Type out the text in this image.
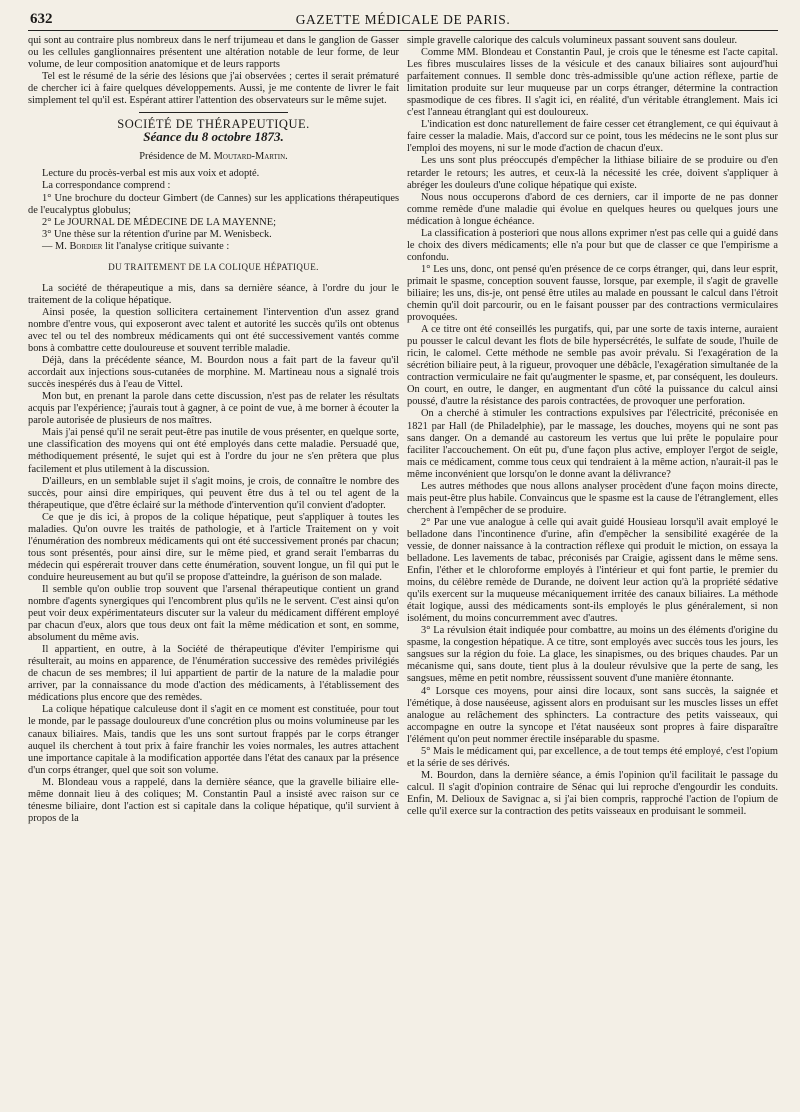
632	GAZETTE MÉDICALE DE PARIS.

qui sont au contraire plus nombreux dans le nerf trijumeau et dans le ganglion de Gasser ou les cellules ganglionnaires présentent une altération notable de leur forme, de leur volume, de leur composition anatomique et de leurs rapports

Tel est le résumé de la série des lésions que j'ai observées ; certes il serait prématuré de chercher ici à faire quelques développements. Aussi, je me contente de livrer le fait simplement tel qu'il est. Espérant attirer l'attention des observateurs sur le même sujet.

SOCIÉTÉ DE THÉRAPEUTIQUE.
Séance du 8 octobre 1873.
Présidence de M. Moutard-Martin.

Lecture du procès-verbal est mis aux voix et adopté.

La correspondance comprend :

1° Une brochure du docteur Gimbert (de Cannes) sur les applications thérapeutiques de l'eucalyptus globulus;

2° Le JOURNAL DE MÉDECINE DE LA MAYENNE;

3° Une thèse sur la rétention d'urine par M. Wenisbeck.

— M. Bordier lit l'analyse critique suivante :

DU TRAITEMENT DE LA COLIQUE HÉPATIQUE.

La société de thérapeutique a mis, dans sa dernière séance, à l'ordre du jour le traitement de la colique hépatique.

Ainsi posée, la question sollicitera certainement l'intervention d'un assez grand nombre d'entre vous, qui exposeront avec talent et autorité les succès qu'ils ont obtenus avec tel ou tel des nombreux médicaments qui ont été successivement vantés comme bons à combattre cette douloureuse et souvent terrible maladie.

Déjà, dans la précédente séance, M. Bourdon nous a fait part de la faveur qu'il accordait aux injections sous-cutanées de morphine. M. Martineau nous a signalé trois succès inespérés dus à l'eau de Vittel.

Mon but, en prenant la parole dans cette discussion, n'est pas de relater les résultats acquis par l'expérience; j'aurais tout à gagner, à ce point de vue, à me borner à écouter la parole autorisée de plusieurs de nos maîtres.

Mais j'ai pensé qu'il ne serait peut-être pas inutile de vous présenter, en quelque sorte, une classification des moyens qui ont été employés dans cette maladie. Persuadé que, méthodiquement présenté, le sujet qui est à l'ordre du jour ne s'en prêtera que plus facilement et plus utilement à la discussion.

D'ailleurs, en un semblable sujet il s'agit moins, je crois, de connaître le nombre des succès, pour ainsi dire empiriques, qui peuvent être dus à tel ou tel agent de la thérapeutique, que d'être éclairé sur la méthode d'intervention qu'il convient d'adopter.

Ce que je dis ici, à propos de la colique hépatique, peut s'appliquer à toutes les maladies. Qu'on ouvre les traités de pathologie, et à l'article Traitement on y voit l'énumération des nombreux médicaments qui ont été successivement pronés par chacun; tous sont présentés, pour ainsi dire, sur le même pied, et grand serait l'embarras du médecin qui espérerait trouver dans cette énumération, souvent longue, un fil qui put le conduire heureusement au but qu'il se propose d'atteindre, la guérison de son malade.

Il semble qu'on oublie trop souvent que l'arsenal thérapeutique contient un grand nombre d'agents synergiques qui l'encombrent plus qu'ils ne le servent. C'est ainsi qu'on peut voir deux expérimentateurs discuter sur la valeur du médicament différent employé par chacun d'eux, alors que tous deux ont fait la même médication et sont, en somme, absolument du même avis.

Il appartient, en outre, à la Société de thérapeutique d'éviter l'empirisme qui résulterait, au moins en apparence, de l'énumération successive des remèdes privilégiés de chacun de ses membres; il lui appartient de partir de la nature de la maladie pour arriver, par la connaissance du mode d'action des médicaments, à l'établissement des médications plus encore que des remèdes.

La colique hépatique calculeuse dont il s'agit en ce moment est constituée, pour tout le monde, par le passage douloureux d'une concrétion plus ou moins volumineuse par les canaux biliaires. Mais, tandis que les uns sont surtout frappés par le corps étranger auquel ils cherchent à tout prix à faire franchir les voies normales, les autres attachent une importance capitale à la modification apportée dans l'état des canaux par la présence d'un corps étranger, quel que soit son volume.

M. Blondeau vous a rappelé, dans la dernière séance, que la gravelle biliaire elle-même donnait lieu à des coliques; M. Constantin Paul a insisté avec raison sur ce ténesme biliaire, dont l'action est si capitale dans la colique hépatique, qu'il survient à propos de la

simple gravelle calorique des calculs volumineux passant souvent sans douleur.

Comme MM. Blondeau et Constantin Paul, je crois que le ténesme est l'acte capital. Les fibres musculaires lisses de la vésicule et des canaux biliaires sont aujourd'hui parfaitement connues. Il semble donc très-admissible qu'une action réflexe, partie de limitation produite sur leur muqueuse par un corps étranger, détermine la contraction spasmodique de ces fibres. Il s'agit ici, en réalité, d'un véritable étranglement. Mais ici c'est l'anneau étranglant qui est douloureux.

L'indication est donc naturellement de faire cesser cet étranglement, ce qui équivaut à faire cesser la maladie. Mais, d'accord sur ce point, tous les médecins ne le sont plus sur l'emploi des moyens, ni sur le mode d'action de chacun d'eux.

Les uns sont plus préoccupés d'empêcher la lithiase biliaire de se produire ou d'en retarder le retours; les autres, et ceux-là la nécessité les crée, doivent s'appliquer à abréger les douleurs d'une colique hépatique qui existe.

Nous nous occuperons d'abord de ces derniers, car il importe de ne pas donner comme remède d'une maladie qui évolue en quelques heures ou quelques jours une médication à longue échéance.

La classification à posteriori que nous allons exprimer n'est pas celle qui a guidé dans le choix des divers médicaments; elle n'a pour but que de classer ce que l'empirisme a confondu.

1° Les uns, donc, ont pensé qu'en présence de ce corps étranger, qui, dans leur esprit, primait le spasme, conception souvent fausse, lorsque, par exemple, il s'agit de gravelle biliaire; les uns, dis-je, ont pensé être utiles au malade en poussant le calcul dans l'étroit chemin qu'il doit parcourir, ou en le faisant pousser par des contractions vermiculaires provoquées.

A ce titre ont été conseillés les purgatifs, qui, par une sorte de taxis interne, auraient pu pousser le calcul devant les flots de bile hypersécrétés, le sulfate de soude, l'huile de ricin, le calomel. Cette méthode ne semble pas avoir prévalu. Si l'exagération de la sécrétion biliaire peut, à la rigueur, provoquer une débâcle, l'exagération simultanée de la contraction vermiculaire ne fait qu'augmenter le spasme, et, par conséquent, les douleurs. On court, en outre, le danger, en augmentant d'un côté la puissance du calcul ainsi poussé, d'autre la résistance des parois contractées, de provoquer une perforation.

On a cherché à stimuler les contractions expulsives par l'électricité, préconisée en 1821 par Hall (de Philadelphie), par le massage, les douches, moyens qui ne sont pas sans danger. On a demandé au castoreum les vertus que lui prête le populaire pour faciliter l'accouchement. On eût pu, d'une façon plus active, employer l'ergot de seigle, mais ce médicament, comme tous ceux qui tendraient à la même action, n'aurait-il pas le même inconvénient que lorsqu'on le donne avant la délivrance?

Les autres méthodes que nous allons analyser procèdent d'une façon moins directe, mais peut-être plus habile. Convaincus que le spasme est la cause de l'étranglement, elles cherchent à l'empêcher de se produire.

2° Par une vue analogue à celle qui avait guidé Housieau lorsqu'il avait employé le belladone dans l'incontinence d'urine, afin d'empêcher la sensibilité exagérée de la vessie, de donner naissance à la contraction réflexe qui produit le miction, on essaya la belladone. Les lavements de tabac, préconisés par Craigie, agissent dans le même sens. Enfin, l'éther et le chloroforme employés à l'intérieur et qui font partie, le premier du moins, du célèbre remède de Durande, ne doivent leur action qu'à la propriété sédative qu'ils exercent sur la muqueuse mécaniquement irritée des canaux biliaires. La méthode était logique, aussi des médicaments sont-ils employés le plus généralement, si non isolément, du moins concurremment avec d'autres.

3° La révulsion était indiquée pour combattre, au moins un des éléments d'origine du spasme, la congestion hépatique. A ce titre, sont employés avec succès tous les jours, les sangsues sur la région du foie. La glace, les sinapismes, ou des briques chaudes. Par un mécanisme qui, sans doute, tient plus à la douleur révulsive que la perte de sang, les sangsues, même en petit nombre, réussissent souvent d'une manière étonnante.

4° Lorsque ces moyens, pour ainsi dire locaux, sont sans succès, la saignée et l'émétique, à dose nauséeuse, agissent alors en produisant sur les muscles lisses un effet analogue au relâchement des sphincters. La contracture des petits vaisseaux, qui accompagne en outre la syncope et l'état nauséeux sont propres à faire disparaître l'élément qu'on peut nommer érectile inséparable du spasme.

5° Mais le médicament qui, par excellence, a de tout temps été employé, c'est l'opium et la série de ses dérivés.

M. Bourdon, dans la dernière séance, a émis l'opinion qu'il facilitait le passage du calcul. Il s'agit d'opinion contraire de Sénac qui lui reproche d'engourdir les conduits. Enfin, M. Delioux de Savignac a, si j'ai bien compris, rapproché l'action de l'opium de celle qu'il exerce sur la contraction des petits vaisseaux en produisant le sommeil.
